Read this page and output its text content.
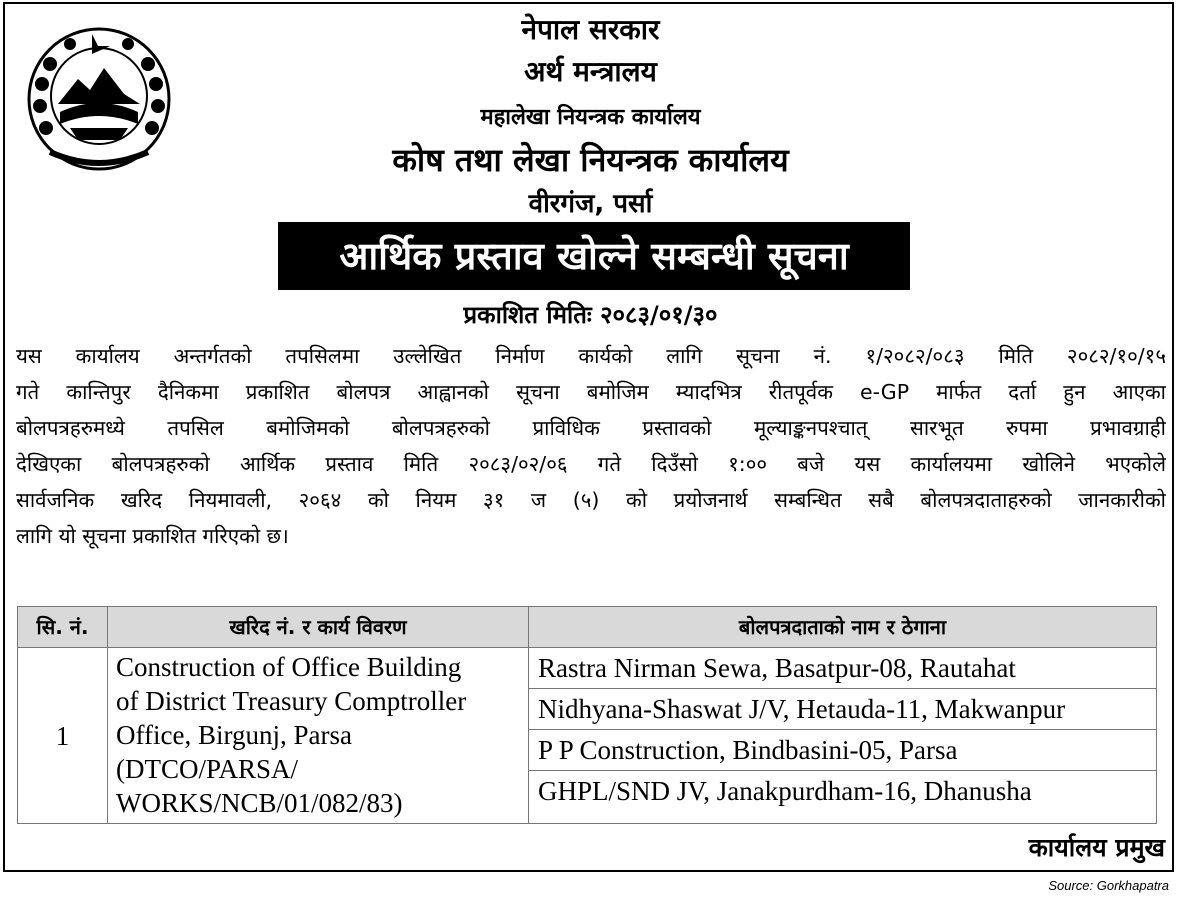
नेपाल सरकार
अर्थ मन्त्रालय
महालेखा नियन्त्रक कार्यालय
कोष तथा लेखा नियन्त्रक कार्यालय
वीरगंज, पर्सा
आर्थिक प्रस्ताव खोल्ने सम्बन्धी सूचना
प्रकाशित मितिः २०८३/०१/३०
यस कार्यालय अन्तर्गतको तपसिलमा उल्लेखित निर्माण कार्यको लागि सूचना नं. १/२०८२/०८३ मिति २०८२/१०/१५
गते कान्तिपुर दैनिकमा प्रकाशित बोलपत्र आह्वानको सूचना बमोजिम म्यादभित्र रीतपूर्वक e-GP मार्फत दर्ता हुन आएका
बोलपत्रहरुमध्ये तपसिल बमोजिमको बोलपत्रहरुको प्राविधिक प्रस्तावको मूल्याङ्कनपश्चात् सारभूत रुपमा प्रभावग्राही
देखिएका बोलपत्रहरुको आर्थिक प्रस्ताव मिति २०८३/०२/०६ गते दिउँसो १:०० बजे यस कार्यालयमा खोलिने भएकोले
सार्वजनिक खरिद नियमावली, २०६४ को नियम ३१ ज (५) को प्रयोजनार्थ सम्बन्धित सबै बोलपत्रदाताहरुको जानकारीको
लागि यो सूचना प्रकाशित गरिएको छ।
सि. नं.	खरिद नं. र कार्य विवरण	बोलपत्रदाताको नाम र ठेगाना
1
Construction of Office Building
of District Treasury Comptroller
Office, Birgunj, Parsa
(DTCO/PARSA/
WORKS/NCB/01/082/83)
Rastra Nirman Sewa, Basatpur-08, Rautahat
Nidhyana-Shaswat J/V, Hetauda-11, Makwanpur
P P Construction, Bindbasini-05, Parsa
GHPL/SND JV, Janakpurdham-16, Dhanusha
कार्यालय प्रमुख
Source: Gorkhapatra
